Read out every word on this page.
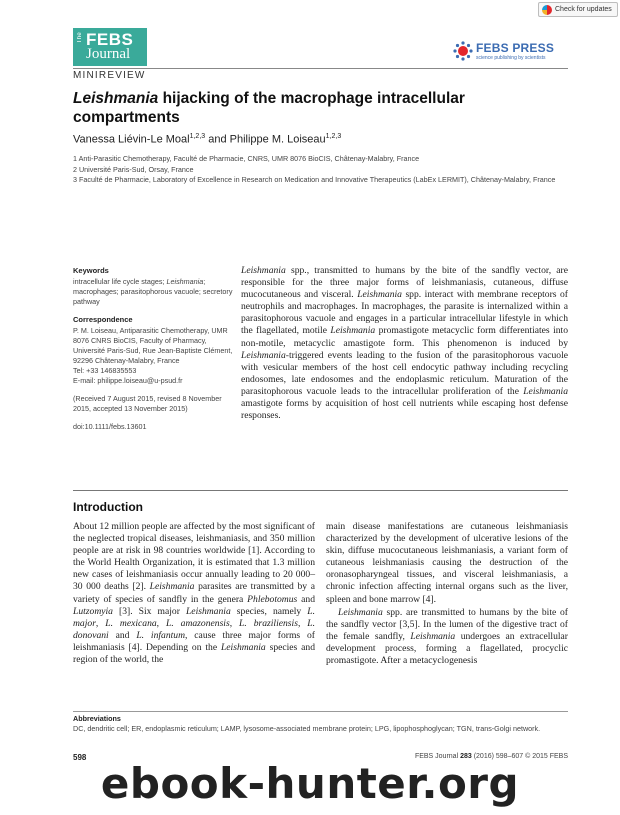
Check for updates
The FEBS
Journal	FEBS PRESS
science publishing by scientists
MINIREVIEW
Leishmania hijacking of the macrophage intracellular compartments
Vanessa Liévin-Le Moal$^{1,2,3}$ and Philippe M. Loiseau$^{1,2,3}$
1 Anti-Parasitic Chemotherapy, Faculté de Pharmacie, CNRS, UMR 8076 BioCIS, Châtenay-Malabry, France
2 Université Paris-Sud, Orsay, France
3 Faculté de Pharmacie, Laboratory of Excellence in Research on Medication and Innovative Therapeutics (LabEx LERMIT), Châtenay-Malabry, France
Keywords
intracellular life cycle stages; Leishmania; macrophages; parasitophorous vacuole; secretory pathway
Correspondence
P. M. Loiseau, Antiparasitic Chemotherapy, UMR 8076 CNRS BioCIS, Faculty of Pharmacy, Université Paris-Sud, Rue Jean-Baptiste Clément, 92296 Châtenay-Malabry, France
Tel: +33 146835553
E-mail: philippe.loiseau@u-psud.fr
(Received 7 August 2015, revised 8 November 2015, accepted 13 November 2015)
doi:10.1111/febs.13601
Leishmania spp., transmitted to humans by the bite of the sandfly vector, are responsible for the three major forms of leishmaniasis, cutaneous, diffuse mucocutaneous and visceral. Leishmania spp. interact with membrane receptors of neutrophils and macrophages. In macrophages, the parasite is internalized within a parasitophorous vacuole and engages in a particular intracellular lifestyle in which the flagellated, motile Leishmania promastigote metacyclic form differentiates into non-motile, metacyclic amastigote form. This phenomenon is induced by Leishmania-triggered events leading to the fusion of the parasitophorous vacuole with vesicular members of the host cell endocytic pathway including recycling endosomes, late endosomes and the endoplasmic reticulum. Maturation of the parasitophorous vacuole leads to the intracellular proliferation of the Leishmania amastigote forms by acquisition of host cell nutrients while escaping host defense responses.
Introduction

About 12 million people are affected by the most significant of the neglected tropical diseases, leishmaniasis, and 350 million people are at risk in 98 countries worldwide [1]. According to the World Health Organization, it is estimated that 1.3 million new cases of leishmaniasis occur annually leading to 20 000–30 000 deaths [2]. Leishmania parasites are transmitted by a variety of species of sandfly in the genera Phlebotomus and Lutzomyia [3]. Six major Leishmania species, namely L. major, L. mexicana, L. amazonensis, L. braziliensis, L. donovani and L. infantum, cause three major forms of leishmaniasis [4]. Depending on the Leishmania species and region of the world, the

main disease manifestations are cutaneous leishmaniasis characterized by the development of ulcerative lesions of the skin, diffuse mucocutaneous leishmaniasis, a variant form of cutaneous leishmaniasis causing the destruction of the oronasopharyngeal tissues, and visceral leishmaniasis, a chronic infection affecting internal organs such as the liver, spleen and bone marrow [4].

Leishmania spp. are transmitted to humans by the bite of the sandfly vector [3,5]. In the lumen of the digestive tract of the female sandfly, Leishmania undergoes an extracellular development process, forming a flagellated, procyclic promastigote. After a metacyclogenesis

Abbreviations
DC, dendritic cell; ER, endoplasmic reticulum; LAMP, lysosome-associated membrane protein; LPG, lipophosphoglycan; TGN, trans-Golgi network.
598	FEBS Journal 283 (2016) 598–607 © 2015 FEBS
ebook-hunter.org
